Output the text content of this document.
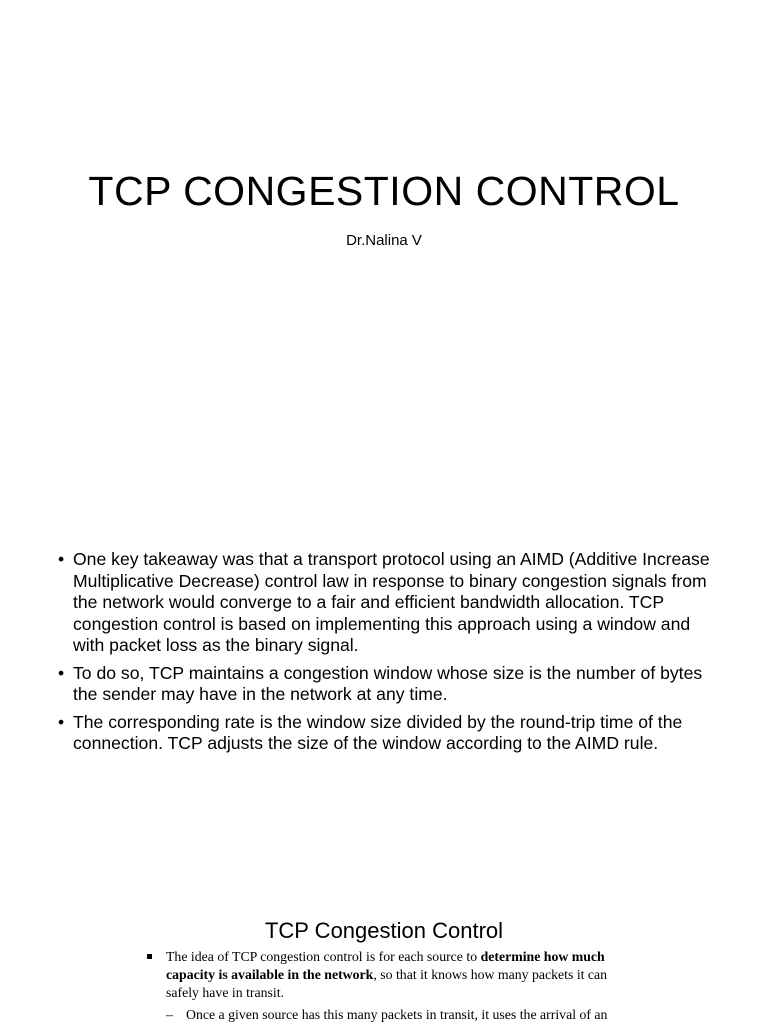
TCP CONGESTION CONTROL
Dr.Nalina V
• One key takeaway was that a transport protocol using an AIMD (Additive Increase Multiplicative Decrease) control law in response to binary congestion signals from the network would converge to a fair and efficient bandwidth allocation. TCP congestion control is based on implementing this approach using a window and with packet loss as the binary signal.
• To do so, TCP maintains a congestion window whose size is the number of bytes the sender may have in the network at any time.
• The corresponding rate is the window size divided by the round-trip time of the connection. TCP adjusts the size of the window according to the AIMD rule.
TCP Congestion Control
The idea of TCP congestion control is for each source to determine how much capacity is available in the network, so that it knows how many packets it can safely have in transit.
– Once a given source has this many packets in transit, it uses the arrival of an
